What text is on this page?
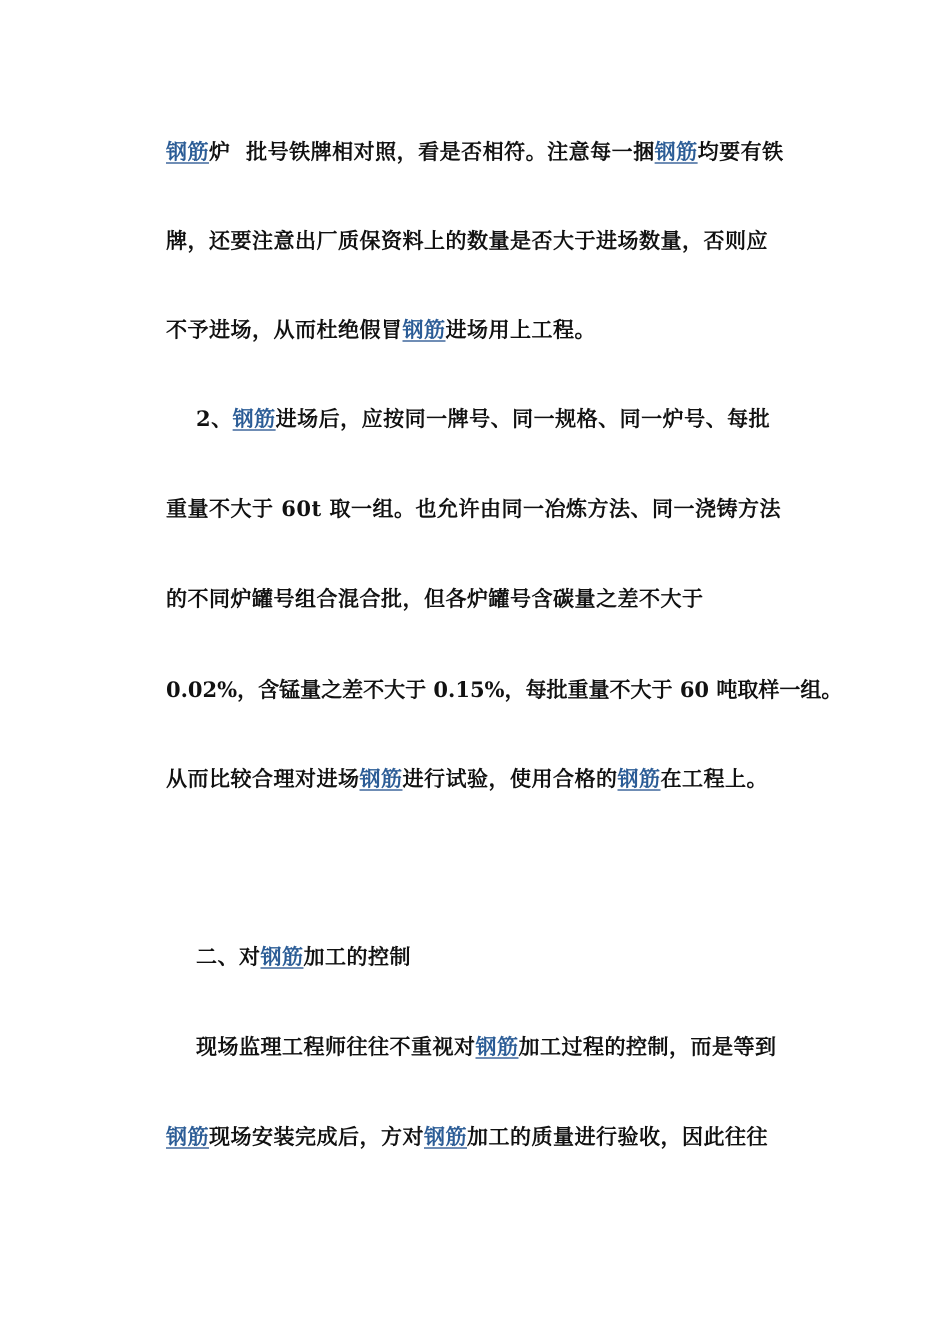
钢筋炉  批号铁牌相对照，看是否相符。注意每一捆钢筋均要有铁
牌，还要注意出厂质保资料上的数量是否大于进场数量，否则应
不予进场，从而杜绝假冒钢筋进场用上工程。
2、钢筋进场后，应按同一牌号、同一规格、同一炉号、每批
重量不大于 60t 取一组。也允许由同一冶炼方法、同一浇铸方法
的不同炉罐号组合混合批，但各炉罐号含碳量之差不大于
0.02%，含锰量之差不大于 0.15%，每批重量不大于 60 吨取样一组。
从而比较合理对进场钢筋进行试验，使用合格的钢筋在工程上。
二、对钢筋加工的控制
现场监理工程师往往不重视对钢筋加工过程的控制，而是等到
钢筋现场安装完成后，方对钢筋加工的质量进行验收，因此往往
